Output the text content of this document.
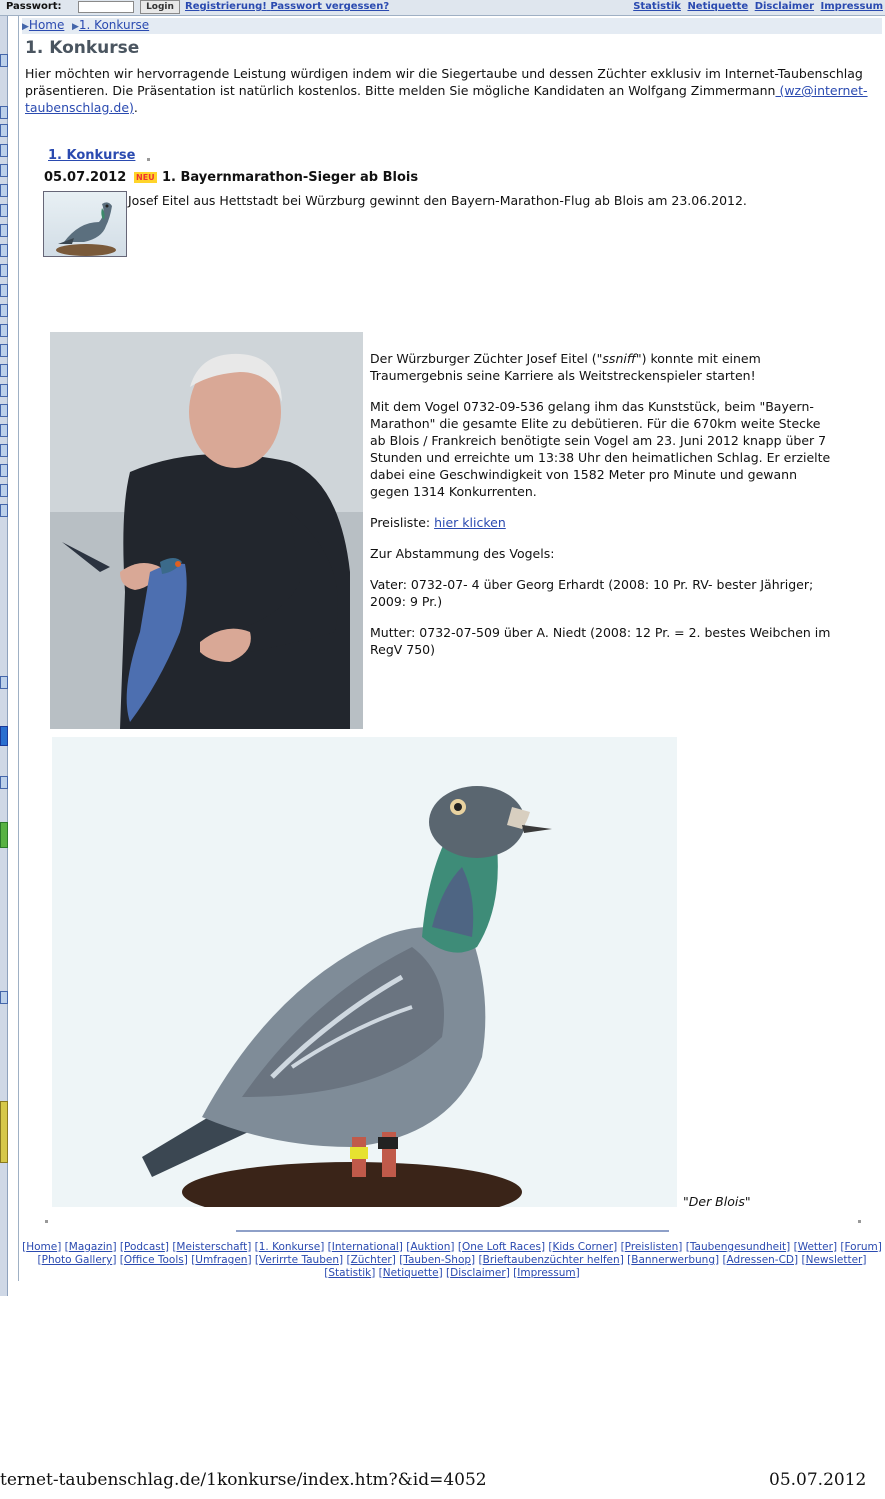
Passwort:	Login	Registrierung! Passwort vergessen?	Statistik Netiquette Disclaimer Impressum
▶Home ▶1. Konkurse
1. Konkurse

Hier möchten wir hervorragende Leistung würdigen indem wir die Siegertaube und dessen Züchter exklusiv im Internet-Taubenschlag präsentieren. Die Präsentation ist natürlich kostenlos. Bitte melden Sie mögliche Kandidaten an Wolfgang Zimmermann (wz@internet-taubenschlag.de).

1. Konkurse
05.07.2012 NEU 1. Bayernmarathon-Sieger ab Blois
Josef Eitel aus Hettstadt bei Würzburg gewinnt den Bayern-Marathon-Flug ab Blois am 23.06.2012.

Der Würzburger Züchter Josef Eitel ("ssniff") konnte mit einem Traumergebnis seine Karriere als Weitstreckenspieler starten!

Mit dem Vogel 0732-09-536 gelang ihm das Kunststück, beim "Bayern-Marathon" die gesamte Elite zu debütieren. Für die 670km weite Stecke ab Blois / Frankreich benötigte sein Vogel am 23. Juni 2012 knapp über 7 Stunden und erreichte um 13:38 Uhr den heimatlichen Schlag. Er erzielte dabei eine Geschwindigkeit von 1582 Meter pro Minute und gewann gegen 1314 Konkurrenten.

Preisliste: hier klicken

Zur Abstammung des Vogels:

Vater: 0732-07- 4 über Georg Erhardt (2008: 10 Pr. RV- bester Jähriger; 2009: 9 Pr.)

Mutter: 0732-07-509 über A. Niedt (2008: 12 Pr. = 2. bestes Weibchen im RegV 750)

"Der Blois"
[Home] [Magazin] [Podcast] [Meisterschaft] [1. Konkurse] [International] [Auktion] [One Loft Races] [Kids Corner] [Preislisten] [Taubengesundheit] [Wetter] [Forum] [Photo Gallery] [Office Tools] [Umfragen] [Verirrte Tauben] [Züchter] [Tauben-Shop] [Brieftaubenzüchter helfen] [Bannerwerbung] [Adressen-CD] [Newsletter] [Statistik] [Netiquette] [Disclaimer] [Impressum]
ternet-taubenschlag.de/1konkurse/index.htm?&id=4052	05.07.2012
